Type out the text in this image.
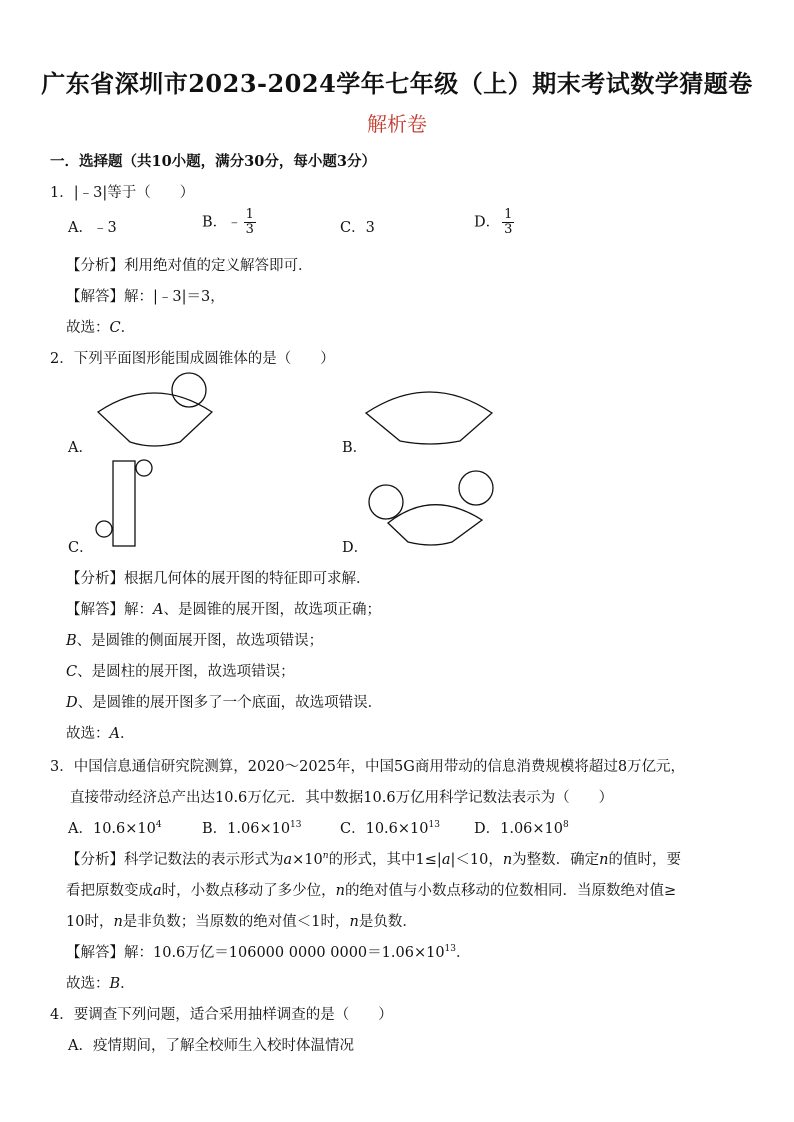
广东省深圳市2023-2024学年七年级（上）期末考试数学猜题卷
解析卷
一．选择题（共10小题，满分30分，每小题3分）
1．|﹣3|等于（　　）
A．﹣3	B．﹣ $\frac{1}{3}$	C．3	D． $\frac{1}{3}$
【分析】利用绝对值的定义解答即可．
【解答】解：|﹣3|＝3，
故选：C．
2．下列平面图形能围成圆锥体的是（　　）
A．	B．
C．	D．
【分析】根据几何体的展开图的特征即可求解．
【解答】解：A、是圆锥的展开图，故选项正确；
B、是圆锥的侧面展开图，故选项错误；
C、是圆柱的展开图，故选项错误；
D、是圆锥的展开图多了一个底面，故选项错误．
故选：A．
3．中国信息通信研究院测算，2020～2025年，中国5G商用带动的信息消费规模将超过8万亿元，
直接带动经济总产出达10.6万亿元．其中数据10.6万亿用科学记数法表示为（　　）
A．$10.6\times 10^4$	B．$1.06\times 10^{13}$	C．$10.6\times 10^{13}$ D．$1.06\times 10^8$
【分析】科学记数法的表示形式为$a\times 10^n$的形式，其中1≤|a|＜10，n为整数．确定n的值时，要
看把原数变成a时，小数点移动了多少位，n的绝对值与小数点移动的位数相同．当原数绝对值≥
10时，n是非负数；当原数的绝对值＜1时，n是负数．
【解答】解：10.6万亿＝106000 0000 $0000=1.06\times 10^{13}$．
故选：B．
4．要调查下列问题，适合采用抽样调查的是（　　）
A．疫情期间，了解全校师生入校时体温情况
